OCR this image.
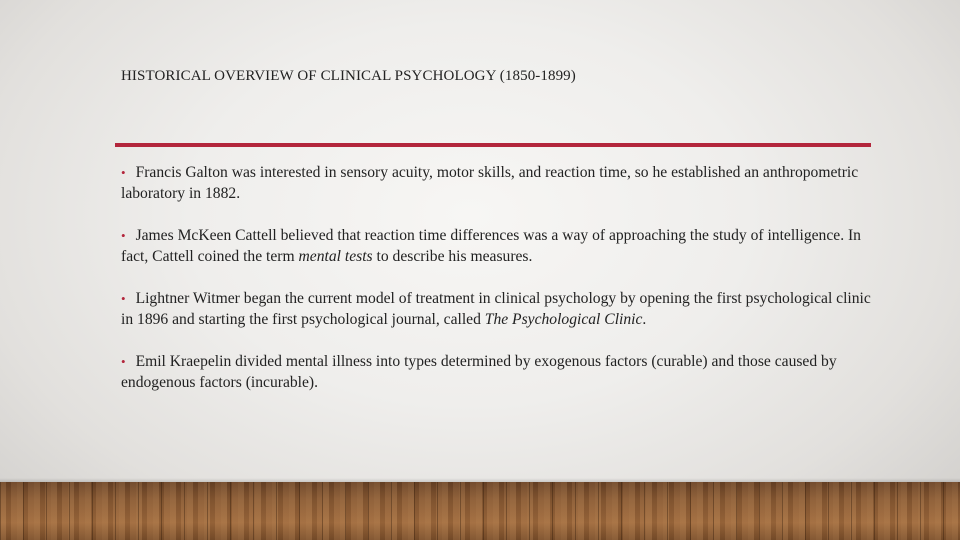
HISTORICAL OVERVIEW OF CLINICAL PSYCHOLOGY (1850-1899)
• Francis Galton was interested in sensory acuity, motor skills, and reaction time, so he established an anthropometric laboratory in 1882.
• James McKeen Cattell believed that reaction time differences was a way of approaching the study of intelligence. In fact, Cattell coined the term mental tests to describe his measures.
• Lightner Witmer began the current model of treatment in clinical psychology by opening the first psychological clinic in 1896 and starting the first psychological journal, called The Psychological Clinic.
• Emil Kraepelin divided mental illness into types determined by exogenous factors (curable) and those caused by endogenous factors (incurable).
